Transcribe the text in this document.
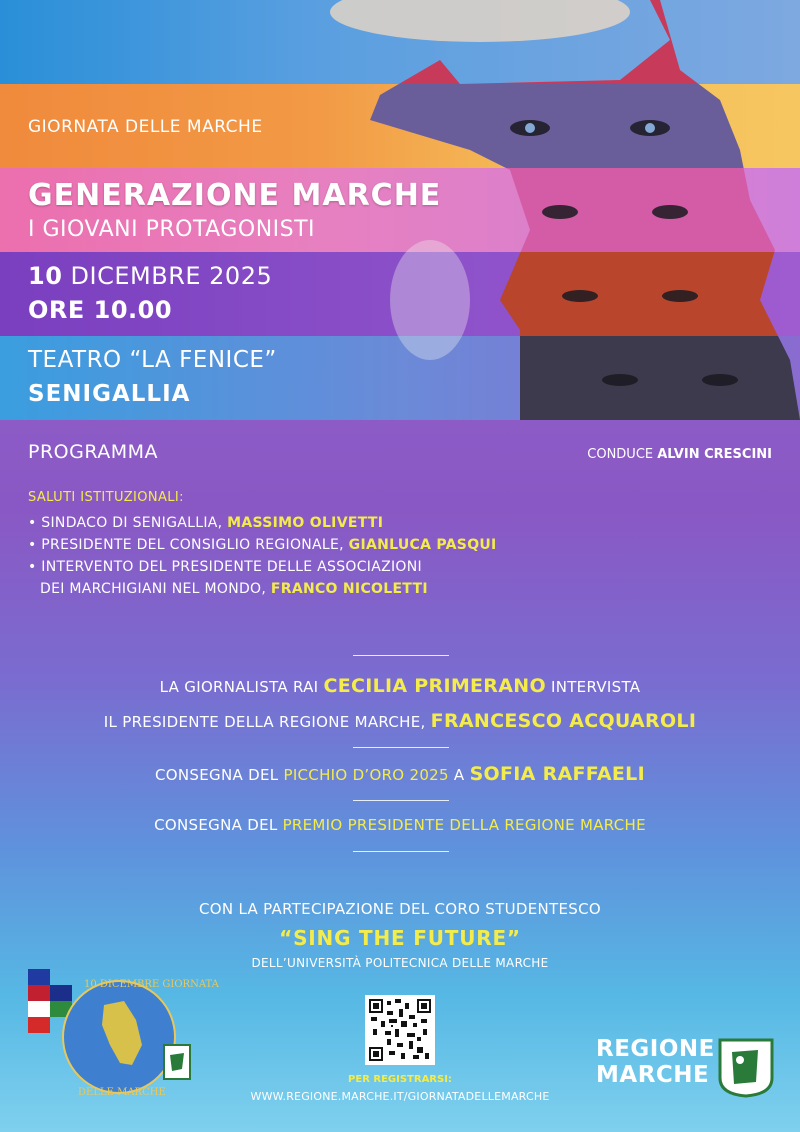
GIORNATA DELLE MARCHE
GENERAZIONE MARCHE
I GIOVANI PROTAGONISTI
10 DICEMBRE 2025
ORE 10.00
TEATRO “LA FENICE”
SENIGALLIA
PROGRAMMA	CONDUCE ALVIN CRESCINI
SALUTI ISTITUZIONALI:
• SINDACO DI SENIGALLIA, MASSIMO OLIVETTI
• PRESIDENTE DEL CONSIGLIO REGIONALE, GIANLUCA PASQUI
• INTERVENTO DEL PRESIDENTE DELLE ASSOCIAZIONI
DEI MARCHIGIANI NEL MONDO, FRANCO NICOLETTI
LA GIORNALISTA RAI CECILIA PRIMERANO INTERVISTA
IL PRESIDENTE DELLA REGIONE MARCHE, FRANCESCO ACQUAROLI
CONSEGNA DEL PICCHIO D’ORO 2025 A SOFIA RAFFAELI
CONSEGNA DEL PREMIO PRESIDENTE DELLA REGIONE MARCHE
CON LA PARTECIPAZIONE DEL CORO STUDENTESCO
“SING THE FUTURE”
DELL’UNIVERSITÀ POLITECNICA DELLE MARCHE
10 DICEMBRE GIORNATA
DELLE MARCHE
PER REGISTRARSI:
WWW.REGIONE.MARCHE.IT/GIORNATADELLEMARCHE
REGIONE
MARCHE
